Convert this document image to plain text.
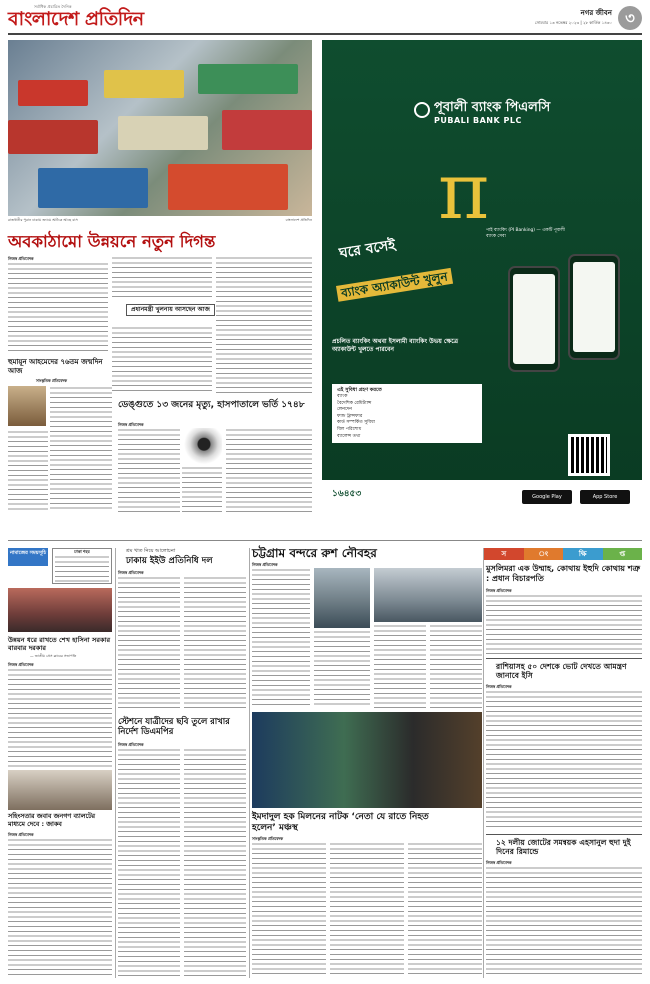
সর্বাধিক প্রচারিত দৈনিক
বাংলাদেশ প্রতিদিন	নগর জীবন
সোমবার ১৩ নভেম্বর ২০২৩ | ২৮ কার্তিক ১৪৩০ ৩
রাজধানীর পুরান ঢাকায় জ্যামে আটকে আছে বাস	বাংলাদেশ প্রতিদিন
অবকাঠামো উন্নয়নে নতুন দিগন্ত
নিজস্ব প্রতিবেদক
প্রধানমন্ত্রী খুলনায় আসছেন আজ
হুমায়ূন আহমেদের ৭৬তম জন্মদিন আজ
সাংস্কৃতিক প্রতিবেদক
ডেঙ্গুতে ১৩ জনের মৃত্যু, হাসপাতালে ভর্তি ১৭৪৮
নিজস্ব প্রতিবেদক
পূবালী ব্যাংক পিএলসি
PUBALI BANK PLC
π
পাই ব্যাংকিং (PI Banking) — একটি পূবালী ব্যাংক সেবা
ঘরে বসেই
ব্যাংক অ্যাকাউন্ট খুলুন
প্রচলিত ব্যাংকিং অথবা ইসলামী ব্যাংকিং উভয় ক্ষেত্রে অ্যাকাউন্ট খুলতে পারবেন
এই সুবিধা গ্রহণ করতে
ব্যাংক
বৈদেশিক রেমিট্যান্স
লেনদেন
ফান্ড ট্রান্সফার
কার্ড সম্পর্কিত সুবিধা
বিল পরিশোধ
ব্যালেন্স তথ্য
১৬৪৫৩	Google Play	App Store
নামাজের সময়সূচি	ঢাকা শহর
উন্নয়ন ধরে রাখতে শেখ হাসিনা সরকার বারবার দরকার
— জাতীয় প্রেস ক্লাবের সভাপতি
নিজস্ব প্রতিবেদক
সহিংসতার জবাব জনগণ ব্যালটের মাধ্যমে দেবে : জাকব
নিজস্ব প্রতিবেদক
শ্রম খাত নিয়ে আলোচনা
ঢাকায় ইইউ প্রতিনিধি দল
নিজস্ব প্রতিবেদক
স্টেশনে যাত্রীদের ছবি তুলে রাখার নির্দেশ ডিএমপির
নিজস্ব প্রতিবেদক
চট্টগ্রাম বন্দরে রুশ নৌবহর
নিজস্ব প্রতিবেদক
ইমদাদুল হক মিলনের নাটক ‘নেতা যে রাতে নিহত হলেন’ মঞ্চস্থ
সাংস্কৃতিক প্রতিবেদক
স	ং	ক্ষি	প্ত
মুসলিমরা এক উম্মাহ, কোথায় ইহুদি কোথায় শত্রু : প্রধান বিচারপতি
নিজস্ব প্রতিবেদক
রাশিয়াসহ ৫০ দেশকে ভোট দেখতে আমন্ত্রণ জানাবে ইসি
নিজস্ব প্রতিবেদক
১২ দলীয় জোটের সমন্বয়ক এহসানুল হুদা দুই দিনের রিমান্ডে
নিজস্ব প্রতিবেদক
